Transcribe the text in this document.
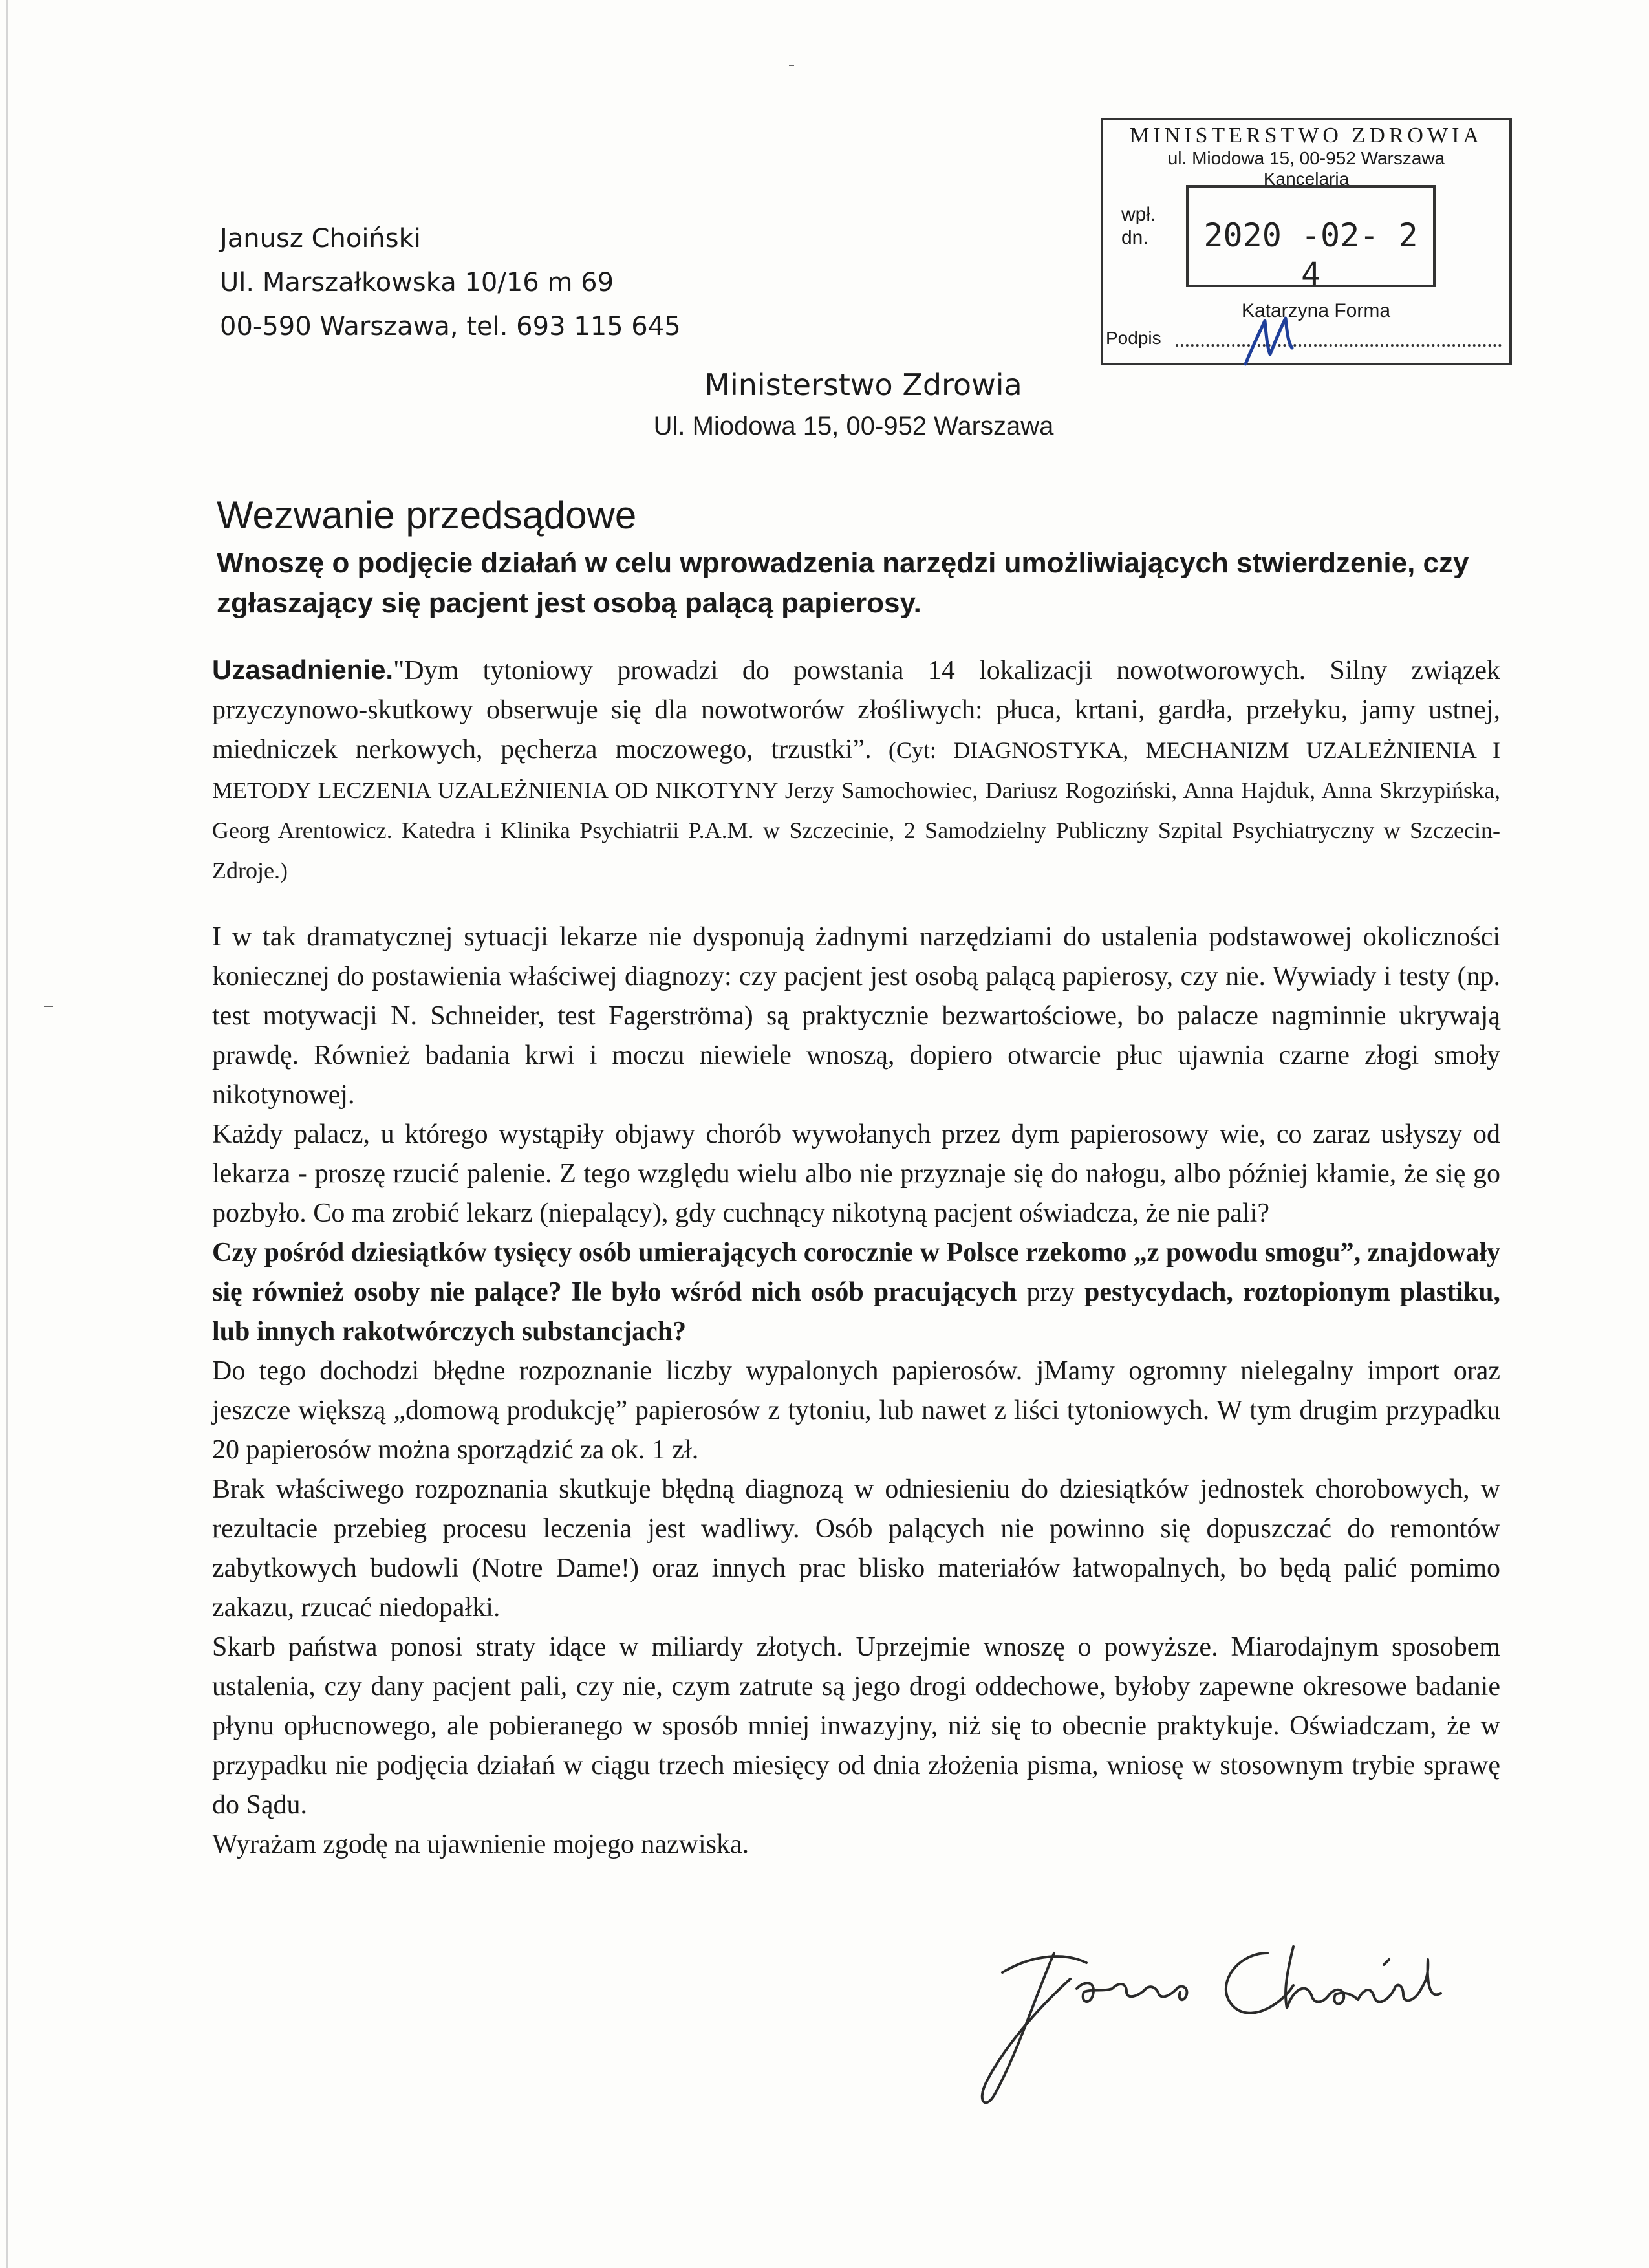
Janusz Choiński
Ul. Marszałkowska 10/16 m 69
00-590 Warszawa, tel. 693 115 645
MINISTERSTWO ZDROWIA
ul. Miodowa 15, 00-952 Warszawa
Kancelaria
wpł.
dn.	2020 -02- 2 4
Katarzyna Forma
Podpis
Ministerstwo Zdrowia
Ul. Miodowa 15, 00-952 Warszawa
Wezwanie przedsądowe
Wnoszę o podjęcie działań w celu wprowadzenia narzędzi umożliwiających stwierdzenie, czy zgłaszający się pacjent jest osobą palącą papierosy.

Uzasadnienie."Dym tytoniowy prowadzi do powstania 14 lokalizacji nowotworowych. Silny związek przyczynowo-skutkowy obserwuje się dla nowotworów złośliwych: płuca, krtani, gardła, przełyku, jamy ustnej, miedniczek nerkowych, pęcherza moczowego, trzustki”. (Cyt: DIAGNOSTYKA, MECHANIZM UZALEŻNIENIA I METODY LECZENIA UZALEŻNIENIA OD NIKOTYNY Jerzy Samochowiec, Dariusz Rogoziński, Anna Hajduk, Anna Skrzypińska, Georg Arentowicz. Katedra i Klinika Psychiatrii P.A.M. w Szczecinie, 2 Samodzielny Publiczny Szpital Psychiatryczny w Szczecin-Zdroje.)

I w tak dramatycznej sytuacji lekarze nie dysponują żadnymi narzędziami do ustalenia podstawowej okoliczności koniecznej do postawienia właściwej diagnozy: czy pacjent jest osobą palącą papierosy, czy nie. Wywiady i testy (np. test motywacji N. Schneider, test Fagerströma) są praktycznie bezwartościowe, bo palacze nagminnie ukrywają prawdę. Również badania krwi i moczu niewiele wnoszą, dopiero otwarcie płuc ujawnia czarne złogi smoły nikotynowej.

Każdy palacz, u którego wystąpiły objawy chorób wywołanych przez dym papierosowy wie, co zaraz usłyszy od lekarza - proszę rzucić palenie. Z tego względu wielu albo nie przyznaje się do nałogu, albo później kłamie, że się go pozbyło. Co ma zrobić lekarz (niepalący), gdy cuchnący nikotyną pacjent oświadcza, że nie pali?

Czy pośród dziesiątków tysięcy osób umierających corocznie w Polsce rzekomo „z powodu smogu”, znajdowały się również osoby nie palące? Ile było wśród nich osób pracujących przy pestycydach, roztopionym plastiku, lub innych rakotwórczych substancjach?

Do tego dochodzi błędne rozpoznanie liczby wypalonych papierosów. jMamy ogromny nielegalny import oraz jeszcze większą „domową produkcję” papierosów z tytoniu, lub nawet z liści tytoniowych. W tym drugim przypadku 20 papierosów można sporządzić za ok. 1 zł.

Brak właściwego rozpoznania skutkuje błędną diagnozą w odniesieniu do dziesiątków jednostek chorobowych, w rezultacie przebieg procesu leczenia jest wadliwy. Osób palących nie powinno się dopuszczać do remontów zabytkowych budowli (Notre Dame!) oraz innych prac blisko materiałów łatwopalnych, bo będą palić pomimo zakazu, rzucać niedopałki.

Skarb państwa ponosi straty idące w miliardy złotych. Uprzejmie wnoszę o powyższe. Miarodajnym sposobem ustalenia, czy dany pacjent pali, czy nie, czym zatrute są jego drogi oddechowe, byłoby zapewne okresowe badanie płynu opłucnowego, ale pobieranego w sposób mniej inwazyjny, niż się to obecnie praktykuje. Oświadczam, że w przypadku nie podjęcia działań w ciągu trzech miesięcy od dnia złożenia pisma, wniosę w stosownym trybie sprawę do Sądu.

Wyrażam zgodę na ujawnienie mojego nazwiska.
